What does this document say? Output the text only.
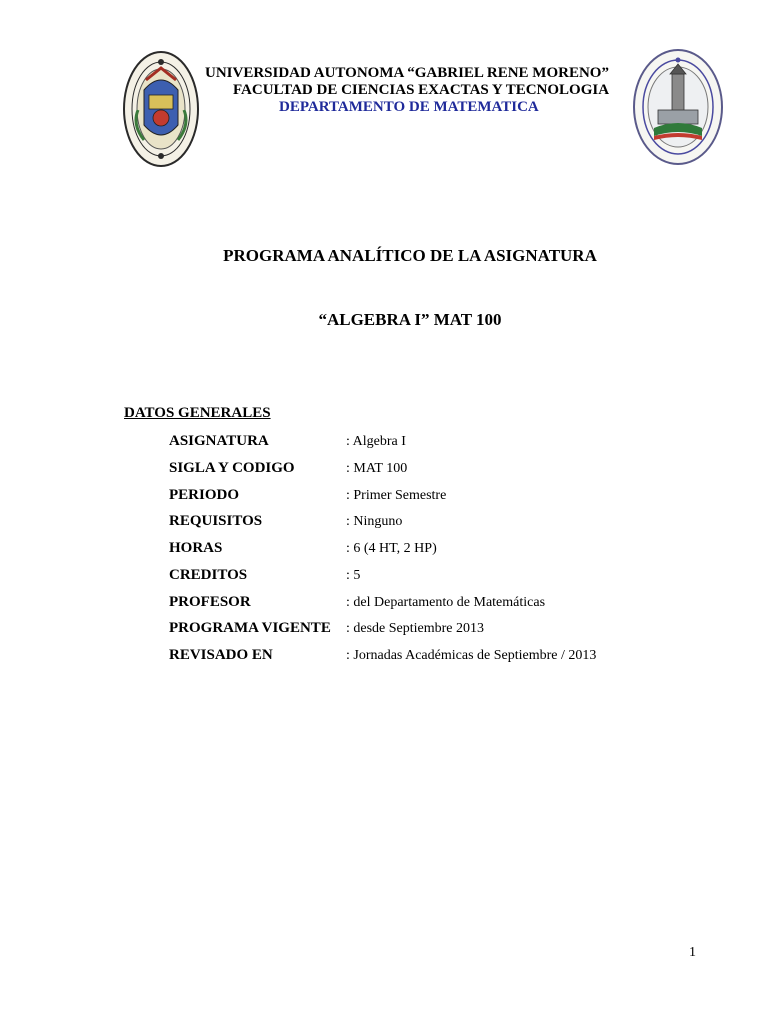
UNIVERSIDAD AUTONOMA “GABRIEL RENE MORENO”
FACULTAD DE CIENCIAS EXACTAS Y TECNOLOGIA
DEPARTAMENTO DE MATEMATICA
PROGRAMA ANALÍTICO DE LA ASIGNATURA
“ALGEBRA I” MAT 100
DATOS GENERALES
ASIGNATURA	: Algebra I
SIGLA Y CODIGO	: MAT 100
PERIODO	: Primer Semestre
REQUISITOS	: Ninguno
HORAS	: 6 (4 HT, 2 HP)
CREDITOS	: 5
PROFESOR	: del Departamento de Matemáticas
PROGRAMA VIGENTE : desde Septiembre 2013
REVISADO EN	: Jornadas Académicas de Septiembre / 2013
1
